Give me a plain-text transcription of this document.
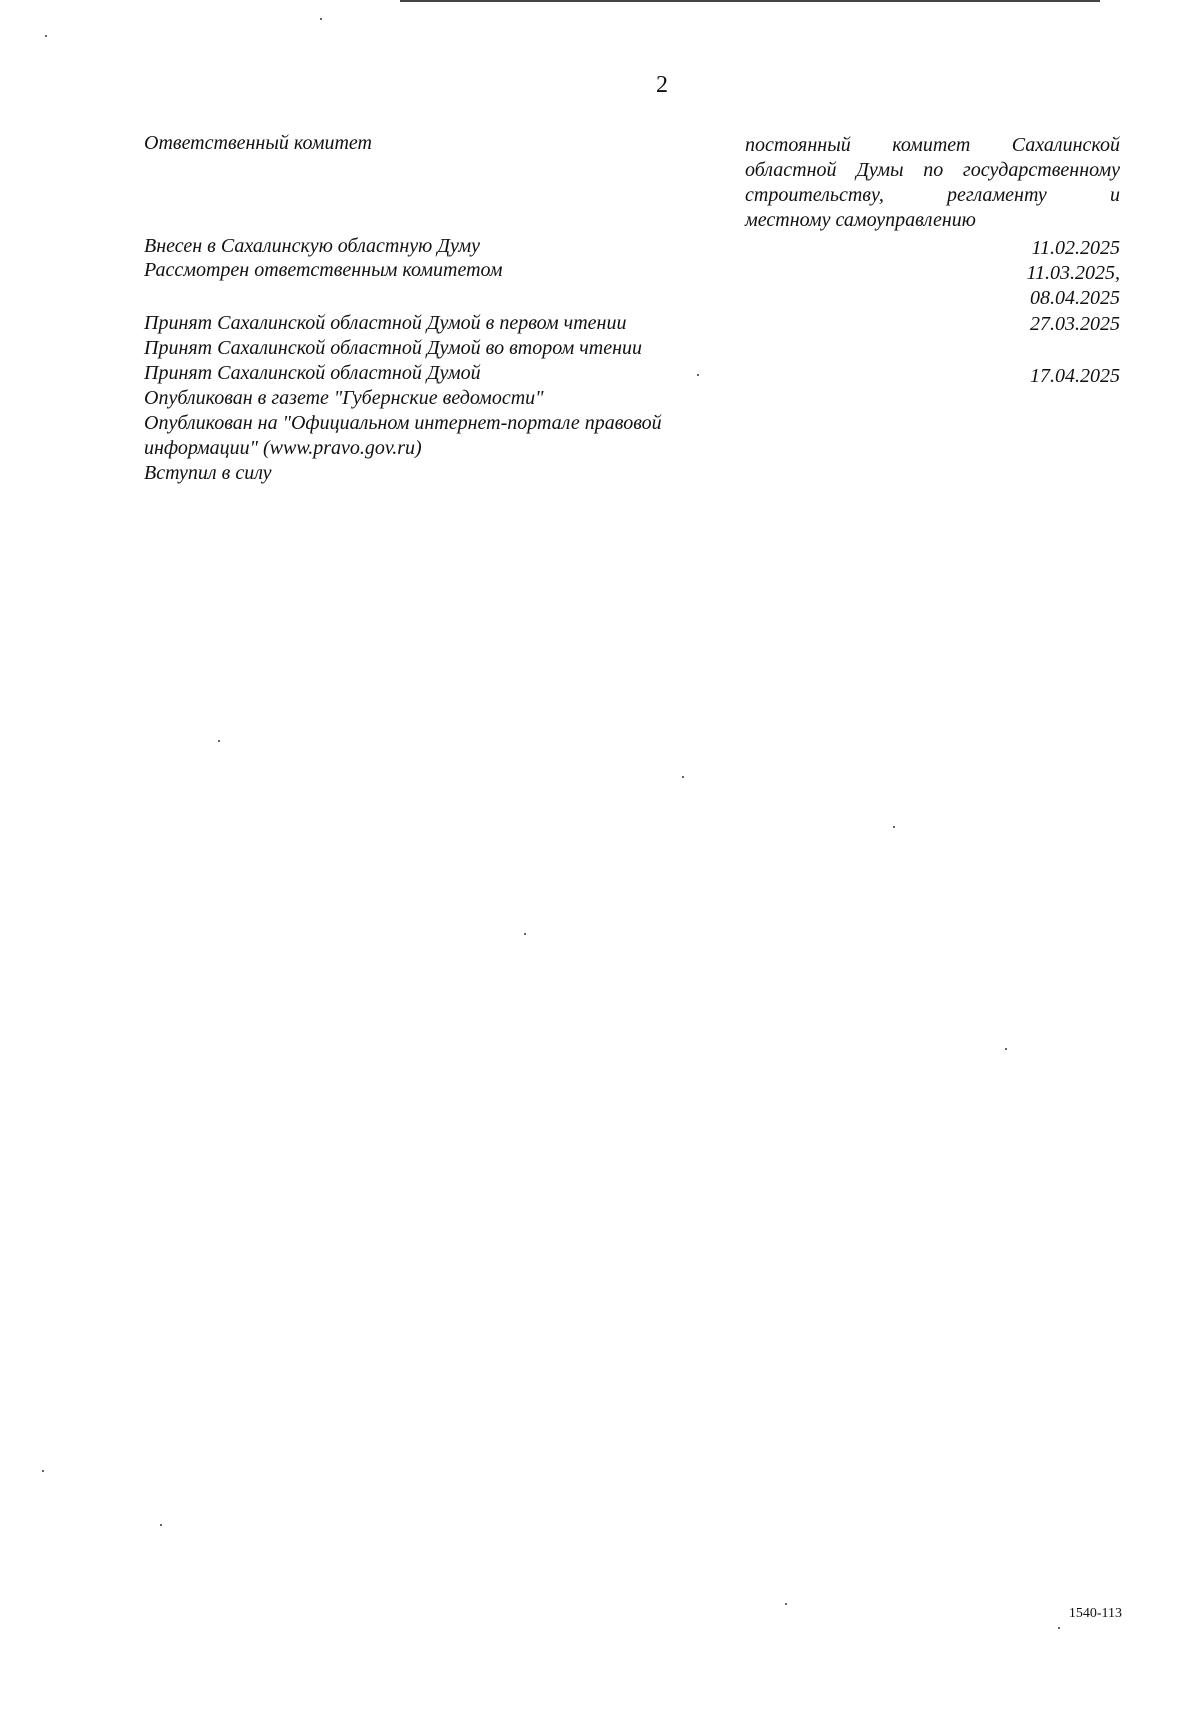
2
Ответственный комитет	постоянный комитет Сахалинской
областной Думы по государственному
строительству, регламенту и
местному самоуправлению
Внесен в Сахалинскую областную Думу	11.02.2025
Рассмотрен ответственным комитетом	11.03.2025,
08.04.2025
Принят Сахалинской областной Думой в первом чтении	27.03.2025
Принят Сахалинской областной Думой во втором чтении
Принят Сахалинской областной Думой	17.04.2025
Опубликован в газете "Губернские ведомости"
Опубликован на "Официальном интернет-портале правовой
информации" (www.pravo.gov.ru)
Вступил в силу
1540-113
